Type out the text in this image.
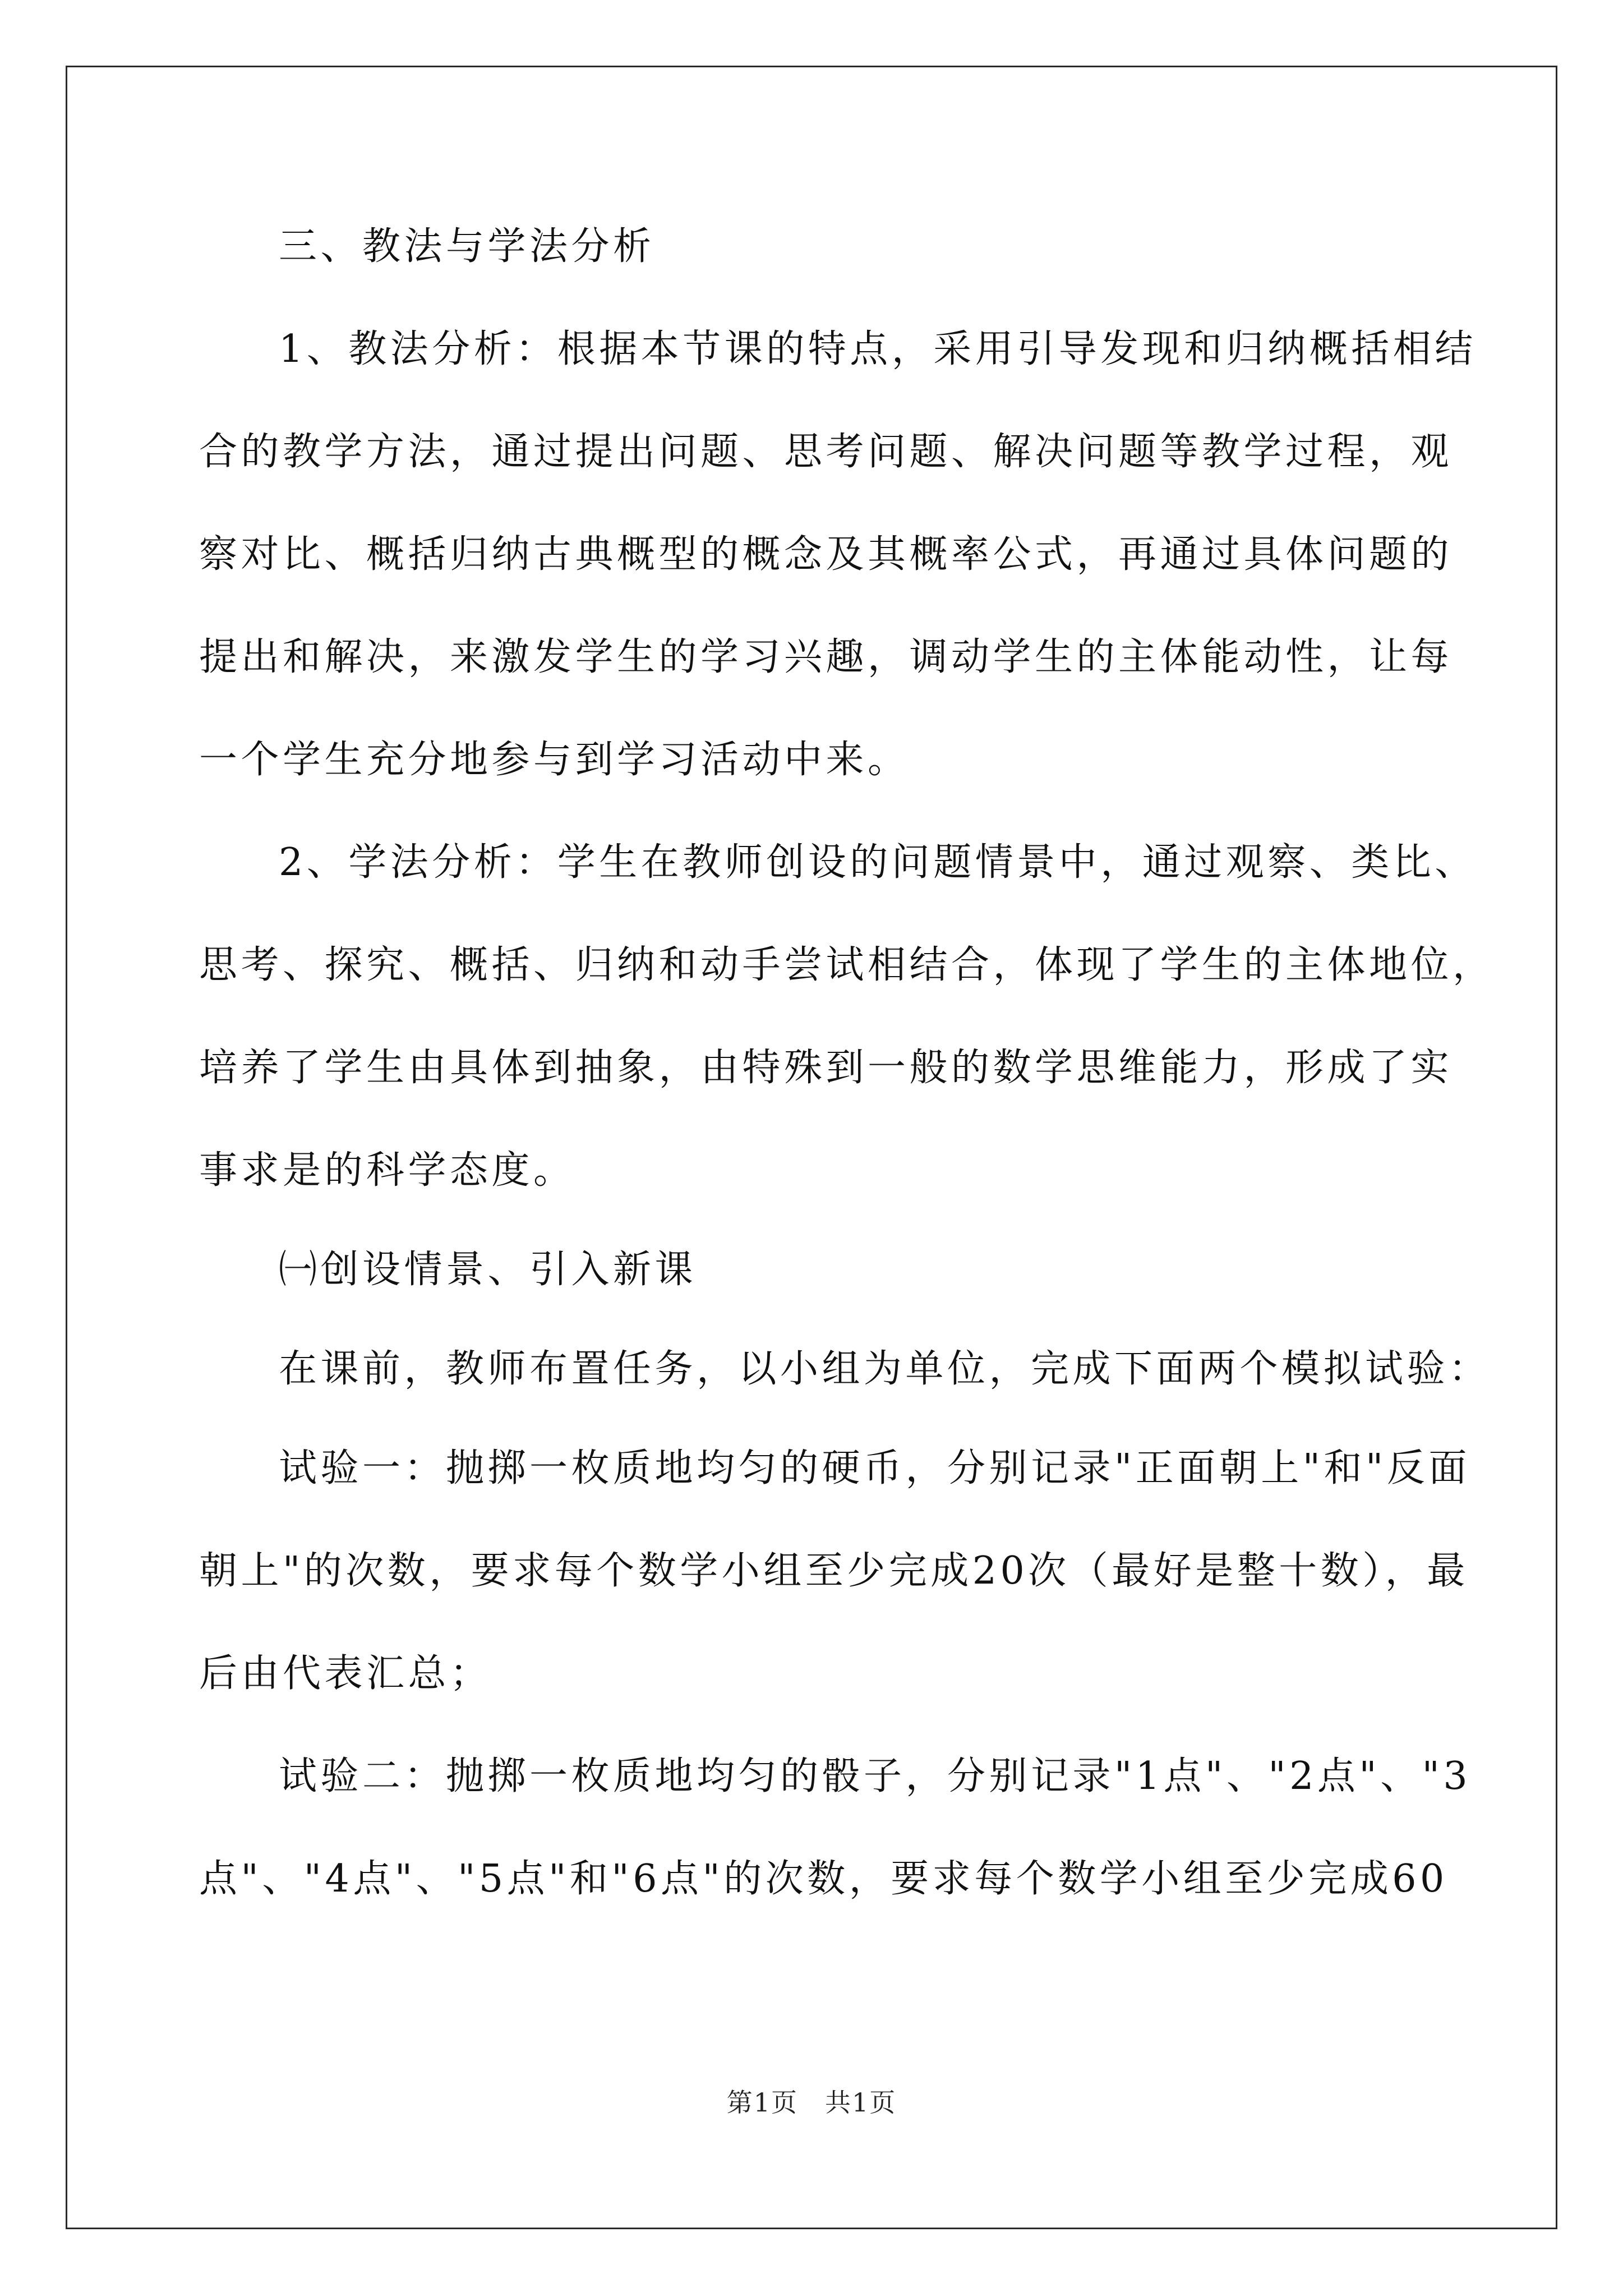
三、教法与学法分析

1、教法分析：根据本节课的特点，采用引导发现和归纳概括相结

合的教学方法，通过提出问题、思考问题、解决问题等教学过程，观

察对比、概括归纳古典概型的概念及其概率公式，再通过具体问题的

提出和解决，来激发学生的学习兴趣，调动学生的主体能动性，让每

一个学生充分地参与到学习活动中来。

2、学法分析：学生在教师创设的问题情景中，通过观察、类比、

思考、探究、概括、归纳和动手尝试相结合，体现了学生的主体地位，

培养了学生由具体到抽象，由特殊到一般的数学思维能力，形成了实

事求是的科学态度。

㈠创设情景、引入新课

在课前，教师布置任务，以小组为单位，完成下面两个模拟试验：

试验一：抛掷一枚质地均匀的硬币，分别记录"正面朝上"和"反面

朝上"的次数，要求每个数学小组至少完成20次（最好是整十数），最

后由代表汇总；

试验二：抛掷一枚质地均匀的骰子，分别记录"1点"、"2点"、"3

点"、"4点"、"5点"和"6点"的次数，要求每个数学小组至少完成60

第1页　共1页
